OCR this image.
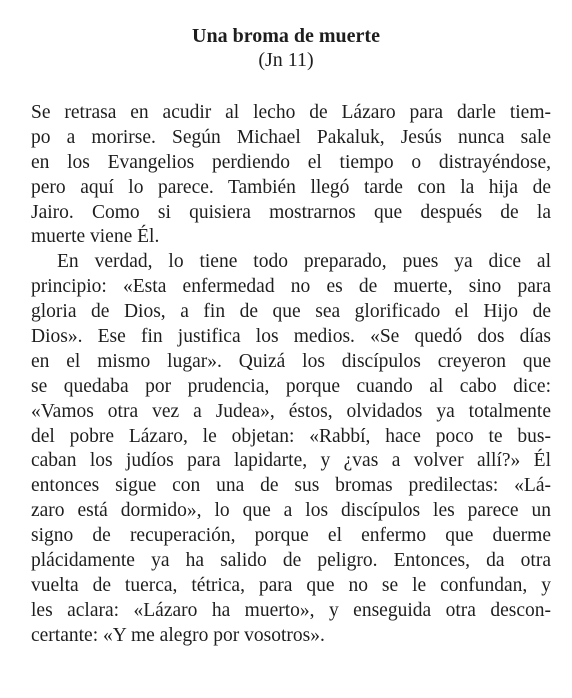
Una broma de muerte
(Jn 11)
Se retrasa en acudir al lecho de Lázaro para darle tiem-
po a morirse. Según Michael Pakaluk, Jesús nunca sale
en los Evangelios perdiendo el tiempo o distrayéndose,
pero aquí lo parece. También llegó tarde con la hija de
Jairo. Como si quisiera mostrarnos que después de la
muerte viene Él.
En verdad, lo tiene todo preparado, pues ya dice al
principio: «Esta enfermedad no es de muerte, sino para
gloria de Dios, a fin de que sea glorificado el Hijo de
Dios». Ese fin justifica los medios. «Se quedó dos días
en el mismo lugar». Quizá los discípulos creyeron que
se quedaba por prudencia, porque cuando al cabo dice:
«Vamos otra vez a Judea», éstos, olvidados ya totalmente
del pobre Lázaro, le objetan: «Rabbí, hace poco te bus-
caban los judíos para lapidarte, y ¿vas a volver allí?» Él
entonces sigue con una de sus bromas predilectas: «Lá-
zaro está dormido», lo que a los discípulos les parece un
signo de recuperación, porque el enfermo que duerme
plácidamente ya ha salido de peligro. Entonces, da otra
vuelta de tuerca, tétrica, para que no se le confundan, y
les aclara: «Lázaro ha muerto», y enseguida otra descon-
certante: «Y me alegro por vosotros».
